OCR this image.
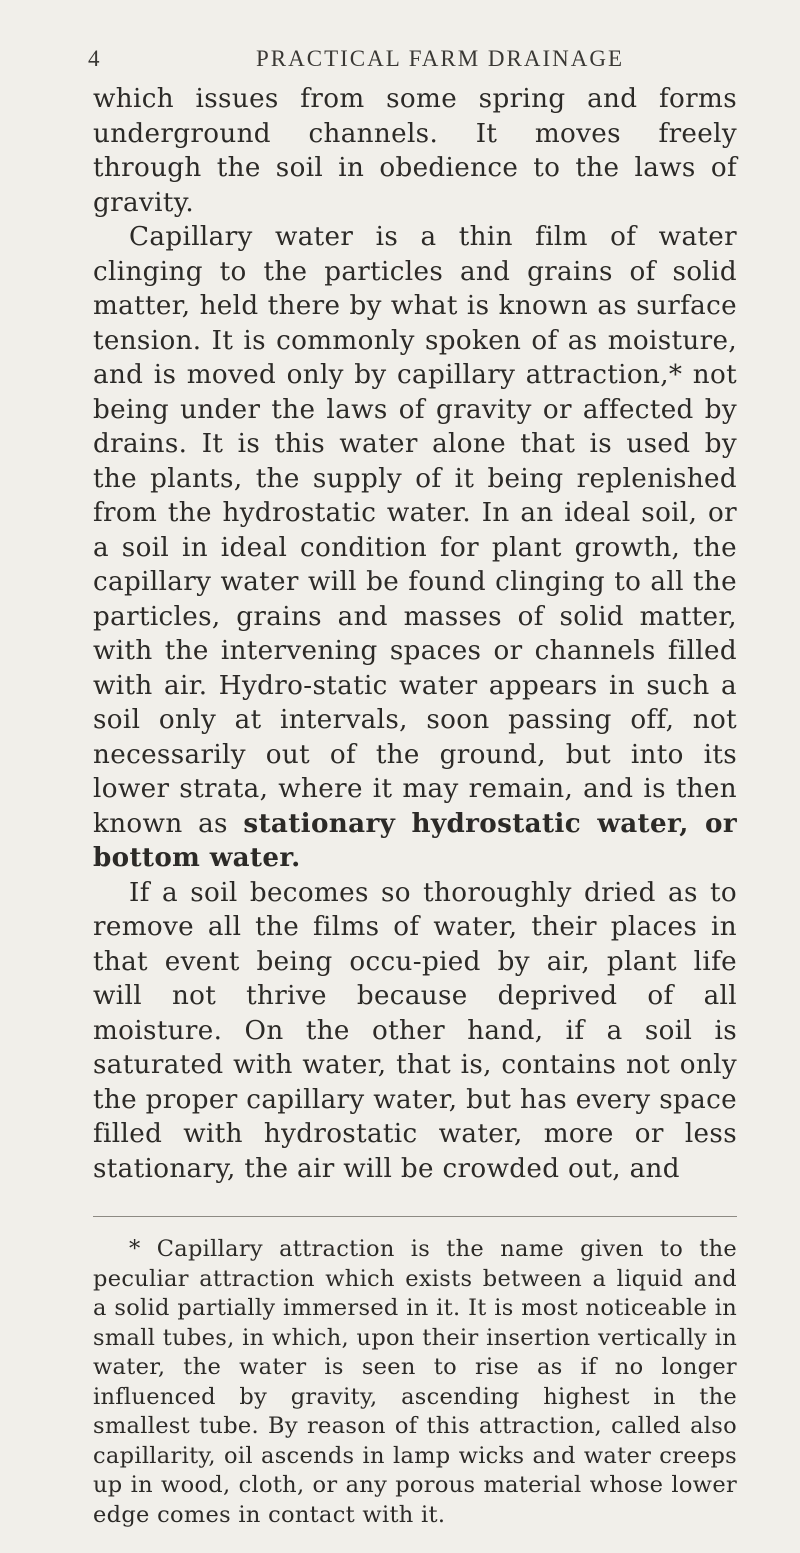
4	PRACTICAL FARM DRAINAGE

which issues from some spring and forms underground channels. It moves freely through the soil in obedience to the laws of gravity.

Capillary water is a thin film of water clinging to the particles and grains of solid matter, held there by what is known as surface tension. It is commonly spoken of as moisture, and is moved only by capillary attraction,* not being under the laws of gravity or affected by drains. It is this water alone that is used by the plants, the supply of it being replenished from the hydrostatic water. In an ideal soil, or a soil in ideal condition for plant growth, the capillary water will be found clinging to all the particles, grains and masses of solid matter, with the intervening spaces or channels filled with air. Hydro-static water appears in such a soil only at intervals, soon passing off, not necessarily out of the ground, but into its lower strata, where it may remain, and is then known as stationary hydrostatic water, or bottom water.

If a soil becomes so thoroughly dried as to remove all the films of water, their places in that event being occu-pied by air, plant life will not thrive because deprived of all moisture. On the other hand, if a soil is saturated with water, that is, contains not only the proper capillary water, but has every space filled with hydrostatic water, more or less stationary, the air will be crowded out, and

* Capillary attraction is the name given to the peculiar attraction which exists between a liquid and a solid partially immersed in it. It is most noticeable in small tubes, in which, upon their insertion vertically in water, the water is seen to rise as if no longer influenced by gravity, ascending highest in the smallest tube. By reason of this attraction, called also capillarity, oil ascends in lamp wicks and water creeps up in wood, cloth, or any porous material whose lower edge comes in contact with it.
